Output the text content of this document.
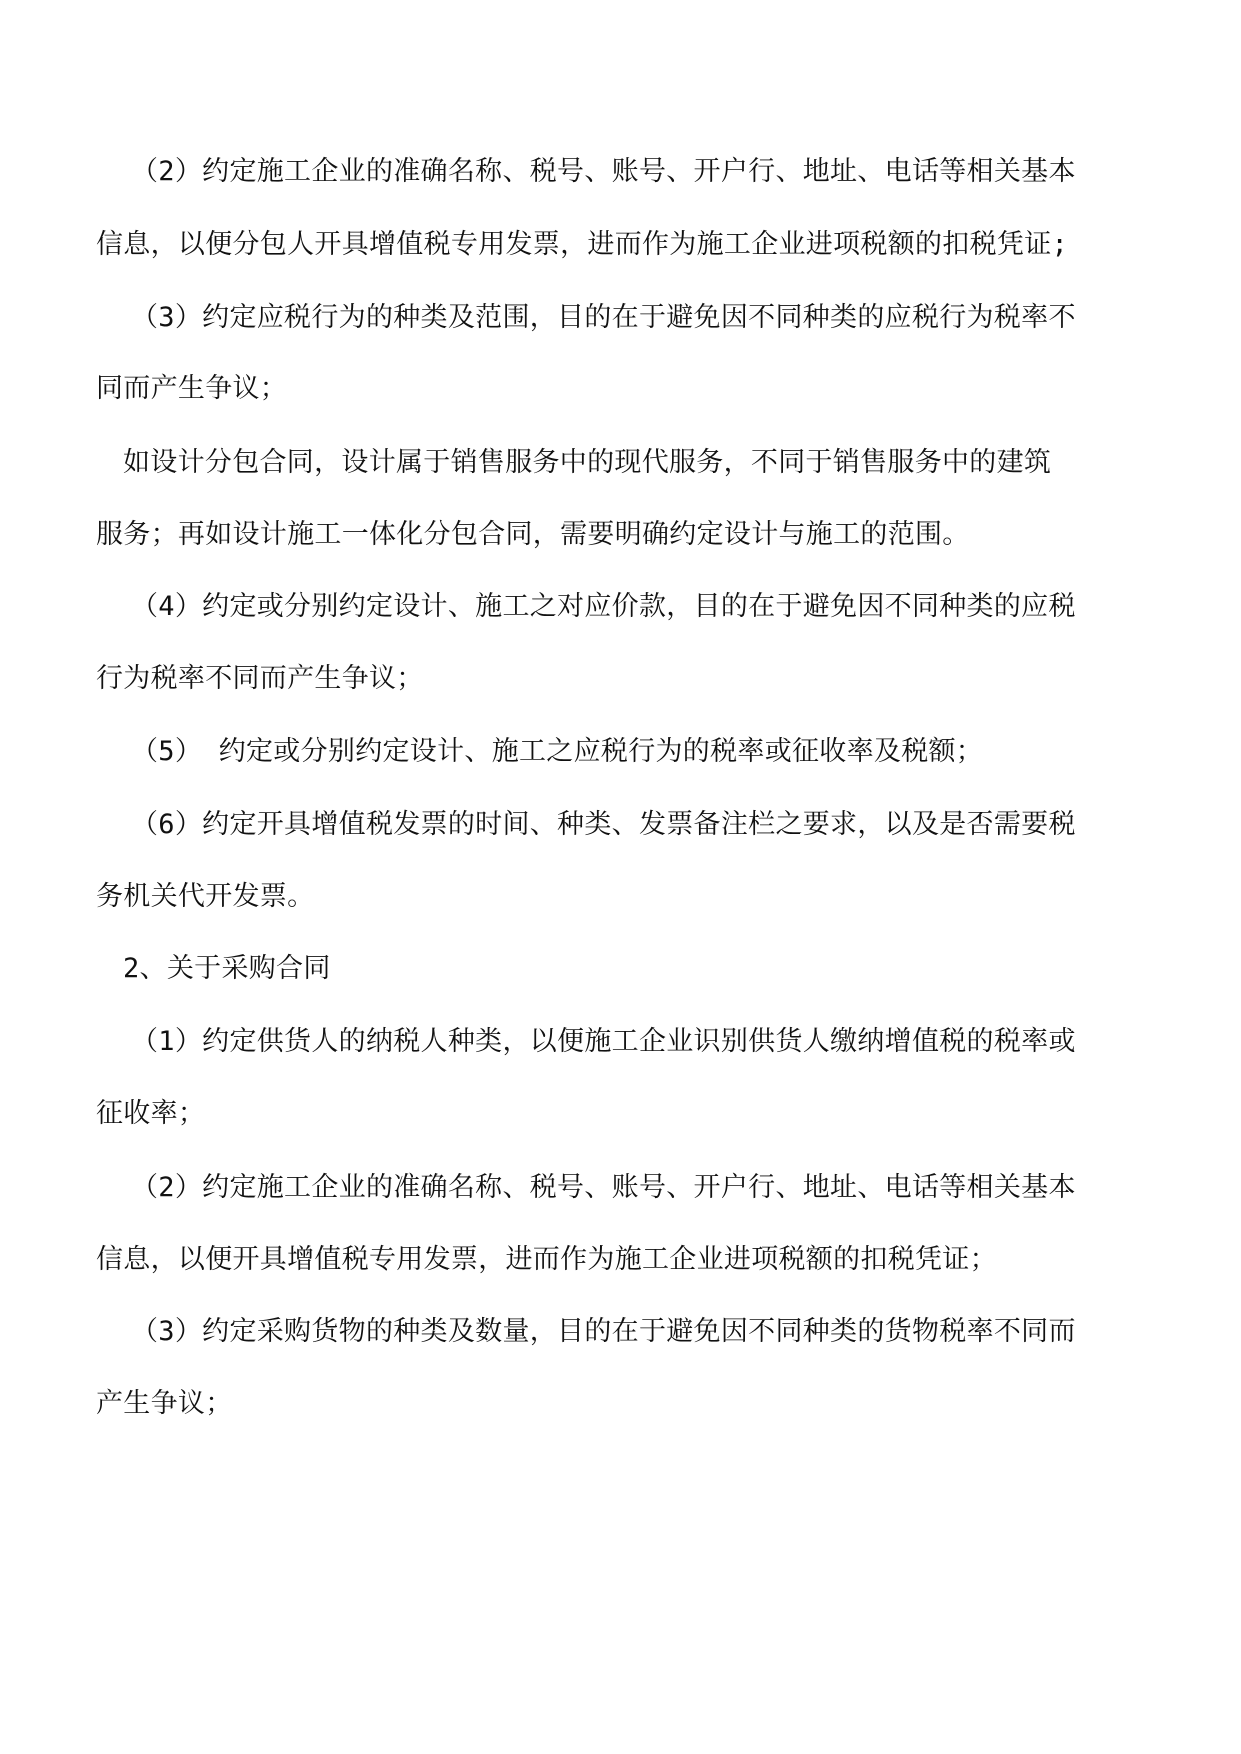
（2）约定施工企业的准确名称、税号、账号、开户行、地址、电话等相关基本
信息，以便分包人开具增值税专用发票，进而作为施工企业进项税额的扣税凭证;
（3）约定应税行为的种类及范围，目的在于避免因不同种类的应税行为税率不
同而产生争议；
如设计分包合同，设计属于销售服务中的现代服务，不同于销售服务中的建筑
服务；再如设计施工一体化分包合同，需要明确约定设计与施工的范围。
（4）约定或分别约定设计、施工之对应价款，目的在于避免因不同种类的应税
行为税率不同而产生争议；
（5） 约定或分别约定设计、施工之应税行为的税率或征收率及税额；
（6）约定开具增值税发票的时间、种类、发票备注栏之要求，以及是否需要税
务机关代开发票。
2、关于采购合同
（1）约定供货人的纳税人种类，以便施工企业识别供货人缴纳增值税的税率或
征收率；
（2）约定施工企业的准确名称、税号、账号、开户行、地址、电话等相关基本
信息，以便开具增值税专用发票，进而作为施工企业进项税额的扣税凭证；
（3）约定采购货物的种类及数量，目的在于避免因不同种类的货物税率不同而
产生争议；
